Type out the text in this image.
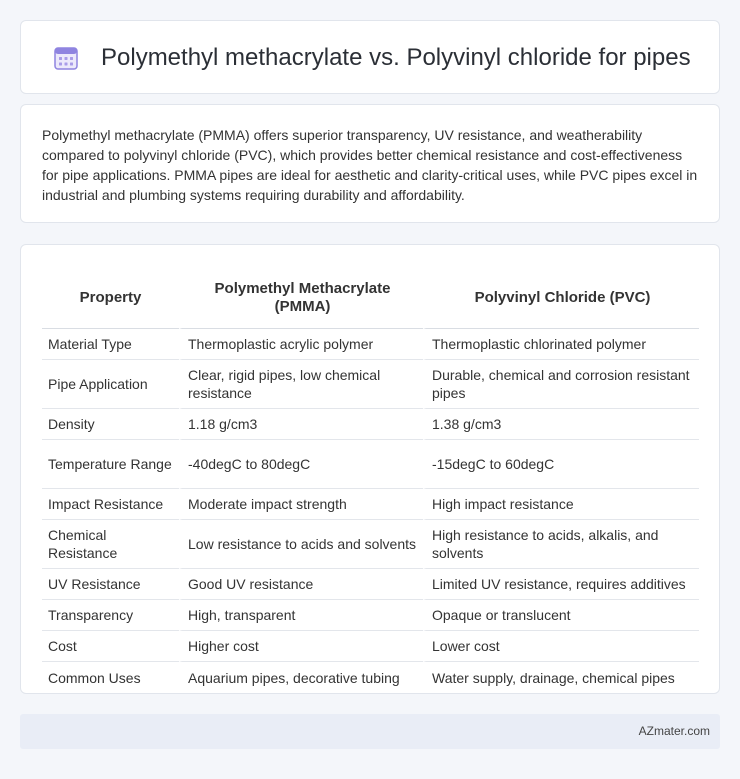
Polymethyl methacrylate vs. Polyvinyl chloride for pipes

Polymethyl methacrylate (PMMA) offers superior transparency, UV resistance, and weatherability compared to polyvinyl chloride (PVC), which provides better chemical resistance and cost-effectiveness for pipe applications. PMMA pipes are ideal for aesthetic and clarity-critical uses, while PVC pipes excel in industrial and plumbing systems requiring durability and affordability.

Property	Polymethyl Methacrylate (PMMA)	Polyvinyl Chloride (PVC)
Material Type	Thermoplastic acrylic polymer	Thermoplastic chlorinated polymer
Pipe Application	Clear, rigid pipes, low chemical resistance	Durable, chemical and corrosion resistant pipes
Density	1.18 g/cm3	1.38 g/cm3
Temperature Range	-40degC to 80degC	-15degC to 60degC
Impact Resistance	Moderate impact strength	High impact resistance
Chemical Resistance	Low resistance to acids and solvents	High resistance to acids, alkalis, and solvents
UV Resistance	Good UV resistance	Limited UV resistance, requires additives
Transparency	High, transparent	Opaque or translucent
Cost	Higher cost	Lower cost
Common Uses	Aquarium pipes, decorative tubing	Water supply, drainage, chemical pipes
AZmater.com
